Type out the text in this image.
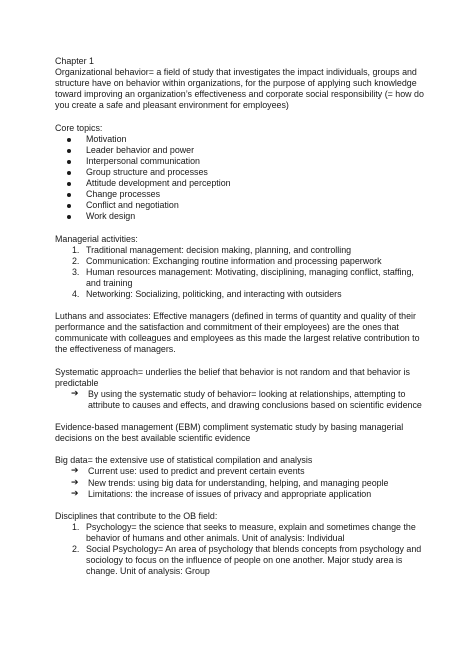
Chapter 1

Organizational behavior= a field of study that investigates the impact individuals, groups and structure have on behavior within organizations, for the purpose of applying such knowledge toward improving an organization’s effectiveness and corporate social responsibility (= how do you create a safe and pleasant environment for employees)

Core topics:

Motivation
Leader behavior and power
Interpersonal communication
Group structure and processes
Attitude development and perception
Change processes
Conflict and negotiation
Work design

Managerial activities:

1. Traditional management: decision making, planning, and controlling
2. Communication: Exchanging routine information and processing paperwork
3. Human resources management: Motivating, disciplining, managing conflict, staffing, and training
4. Networking: Socializing, politicking, and interacting with outsiders

Luthans and associates: Effective managers (defined in terms of quantity and quality of their performance and the satisfaction and commitment of their employees) are the ones that communicate with colleagues and employees as this made the largest relative contribution to the effectiveness of managers.

Systematic approach= underlies the belief that behavior is not random and that behavior is predictable

➔ By using the systematic study of behavior= looking at relationships, attempting to attribute to causes and effects, and drawing conclusions based on scientific evidence

Evidence-based management (EBM) compliment systematic study by basing managerial decisions on the best available scientific evidence

Big data= the extensive use of statistical compilation and analysis

➔ Current use: used to predict and prevent certain events
➔ New trends: using big data for understanding, helping, and managing people
➔ Limitations: the increase of issues of privacy and appropriate application

Disciplines that contribute to the OB field:

1. Psychology= the science that seeks to measure, explain and sometimes change the behavior of humans and other animals. Unit of analysis: Individual
2. Social Psychology= An area of psychology that blends concepts from psychology and sociology to focus on the influence of people on one another. Major study area is change. Unit of analysis: Group
